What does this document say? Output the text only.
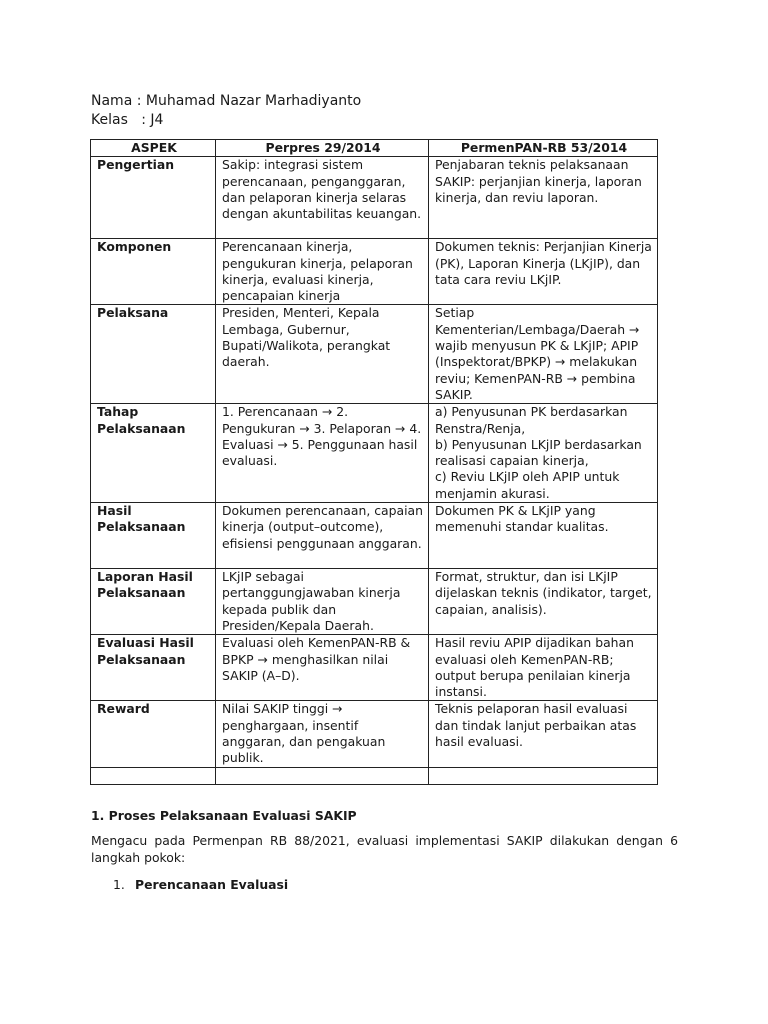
Nama : Muhamad Nazar Marhadiyanto
Kelas   : J4
ASPEK	Perpres 29/2014	PermenPAN-RB 53/2014
Pengertian	Sakip: integrasi sistem perencanaan, penganggaran, dan pelaporan kinerja selaras dengan akuntabilitas keuangan.	Penjabaran teknis pelaksanaan SAKIP: perjanjian kinerja, laporan kinerja, dan reviu laporan.
Komponen	Perencanaan kinerja, pengukuran kinerja, pelaporan kinerja, evaluasi kinerja, pencapaian kinerja	Dokumen teknis: Perjanjian Kinerja (PK), Laporan Kinerja (LKjIP), dan tata cara reviu LKjIP.
Pelaksana	Presiden, Menteri, Kepala Lembaga, Gubernur, Bupati/Walikota, perangkat daerah.	Setiap Kementerian/Lembaga/Daerah → wajib menyusun PK & LKjIP; APIP (Inspektorat/BPKP) → melakukan reviu; KemenPAN-RB → pembina SAKIP.
Tahap Pelaksanaan	1. Perencanaan → 2. Pengukuran → 3. Pelaporan → 4. Evaluasi → 5. Penggunaan hasil evaluasi.	a) Penyusunan PK berdasarkan Renstra/Renja,
b) Penyusunan LKjIP berdasarkan realisasi capaian kinerja,
c) Reviu LKjIP oleh APIP untuk menjamin akurasi.
Hasil Pelaksanaan	Dokumen perencanaan, capaian kinerja (output–outcome), efisiensi penggunaan anggaran.	Dokumen PK & LKjIP yang memenuhi standar kualitas.
Laporan Hasil Pelaksanaan	LKjIP sebagai pertanggungjawaban kinerja kepada publik dan Presiden/Kepala Daerah.	Format, struktur, dan isi LKjIP dijelaskan teknis (indikator, target, capaian, analisis).
Evaluasi Hasil Pelaksanaan	Evaluasi oleh KemenPAN-RB & BPKP → menghasilkan nilai SAKIP (A–D).	Hasil reviu APIP dijadikan bahan evaluasi oleh KemenPAN-RB; output berupa penilaian kinerja instansi.
Reward	Nilai SAKIP tinggi → penghargaan, insentif anggaran, dan pengakuan publik.	Teknis pelaporan hasil evaluasi dan tindak lanjut perbaikan atas hasil evaluasi.

1. Proses Pelaksanaan Evaluasi SAKIP
Mengacu pada Permenpan RB 88/2021, evaluasi implementasi SAKIP dilakukan dengan 6 langkah pokok:
1. Perencanaan Evaluasi
